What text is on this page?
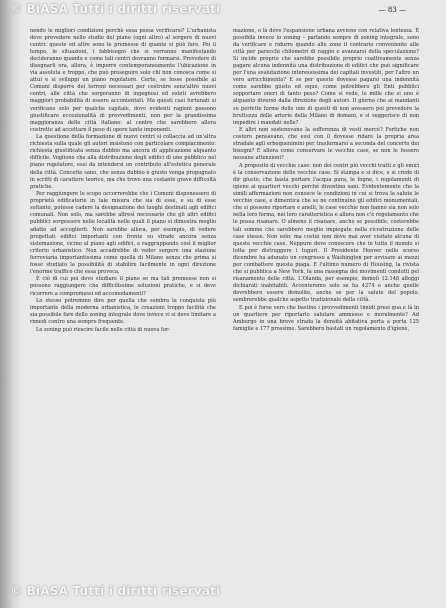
© BiASA Tutti i diritti riservati	— 83 —

nendo le migliori condizioni perchè essa possa verificarsi? L'urbanista deve prevedere nello studio del piano (ogni altro) al sorgere di nuovi centri: queste ed altre sono le premesse di quanto si può fare. Poi il tempo, le situazioni, i fabbisogni che si verranno manifestando decideranno quando e come tali centri dovranno formarsi. Prevedere di disegnarli ora, allora, è imporre contemporaneamente l'ubicazione in via assoluta e troppo, che può proseguire solo chi non conosca come si attui e si sviluppi un piano regolatore. Certo, se fosse possibile ai Comuni disporre dei terreni necessari per costruire senz'altro nuovi centri, alle città che sorgeranno di ingegnosi ed esteti avrebbero maggiori probabilità di essere accontentati. Ma questi casi fortunati si verificano solo per qualche capitale, dove evidenti ragioni possono giustificare eccezionalità di provvedimenti, non per la grandissima maggioranza delle città italiane: al centro che sarebbero allora costrette ad accettare il peso di opere tanto imponenti.

La questione della formazione di nuovi centri si collaccia ad un'altra richiesta sulla quale gli autori insistono con particolare compiacimento: richiesta giustificata senza dubbio ma ancora di applicazione alquanto difficile. Vogliono che alla distribuzione degli edifici di uno pubblico nel piano regolatore, essi da intendersi un contributo all'estetica generale della città. Concetto sano, che senza dubbio è giusto venga propugnato in scritti di carattere teorico, ma che trovo una costante grave difficoltà pratiche.

Per raggiungere lo scopo occorrerebbe che i Comuni disponessero di proprietà edificatorie in tale misura che sia di esse, e su di esse soltanto, potesse cadere la designazione dei luoghi destinati agli edifici comunali. Non solo, ma sarebbe altresì necessario che gli altri edifici pubblici sorgessero nelle località nelle quali il piano si dimostra meglio adatto ad accoglierli. Non sarebbe allora, per esempio, di vedere progettati edifici importanti con fronte su strade ancora senza sistemazione, vicino al piano agli edifici, e raggruppando così il miglior criterio urbanistico. Non accadrebbe di veder sorgere una stazione ferroviaria importantissima come quella di Milano senza che prima si fosse studiato la possibilità di stabilire facilmente in ogni direzione l'enorme traffico che essa provoca.

È ciò di cui poi devo studiare il piano se ma tali premesse non si possono raggiungere che difficilissime soluzioni pratiche, e si deve ricorrere a compromessi ed accomodamenti?

Lo stesso potremmo dire per quella che sembra la conquista più importante della moderna urbanistica, le creazioni troppo facilità che sia possibile fare dello zoning integrale dove invece vi si deve limitare a rimedi contro una sempre frequente.

Lo zoning può riescire facile nelle città di nuova for-

mazione, o là dove l'espansione urbana avviene con relativa lentezza. È possibile invece lo zoning – parlando sempre di zoning integrale, sono da verificare e ridurre quando alle zone il contrario conveniente alle città per parecchi chilometri di raggio e avanzarsi della speculazione? Si incide proprio che sarebbe possibile proprio coattivamente senza pagare alcuna indennità una distribuzione di edifici che può significare per l'una svalutazione interessissima dei capitali investiti, per l'altro un vero arricchimento? E se per questo dovesse pagarsi una indennità come sarebbe giusto ed equo, come potrebbero gli Enti pubblici sopportare oneri di tanto peso? Come si vede, le mille che si uno è alquanto diverso dalla direzione degli autori. Il giorno che ai mandanti su perfette forme delle une di questi di non avessero poi prevedere la bruttezza delle arterie della Milano di domani, e si suggerisce di non impedire i mandati nelle?

E altri non sostenevano la sofferenza di vesti mercé? Fortiche non costoro pensavano, che essi con il dovesse ridare la propria area stradale agli erboquenimini per trasformarsi a seconda del concerto dei bisogni? E allora come conservare le vecchie case, se non le fossero nessune attenzioni?

A proposito di vecchie case: non dei centri più vecchi tratti e gli emiri è la conservazione delle vecchie case. Si stampa e si dice, e si crede di dir giusto, che basta portare l'acqua pura, le fogne, i regolamenti di igiene ai quartieri vecchi perché diventino sani. Evidentemente che la simili affermazioni non conosce le condizioni in cui si trova la salute le vecchie case, e dimentica che se ne continuino gli edifici monumentali, che si possono riportare e anelli, le case vecchie non hanno sia non solo nella loro forma, nei loro caratteristica e allora non c'è regolamento che le possa risanare. O almeno il risanare, anche se possibile, costerebbe tali somme che sarebbero meglio impiegate nella ricostruzione delle case stesse. Non solo: ma costui non deve mai aver visitato alcuna di queste vecchie case. Neppure deve conoscere che in tutto il mondo si lotta per distruggere i tuguri. Il Presidente Hoover nello scorso dicembre ha adunato un congresso a Washington per avvisare ai mezzi per combattere questa piaga. E l'ultimo numero di Housing, la rivista che si pubblica a New York, fa una rassegna dei movimenti condotti pel risanamento delle città. L'Olanda, per esempio, demolì 12.148 alloggi dichiarati inabitabili. Accenteremo solo se ha 4274 e anche quelle dovrebbero essere demolite, anche se per la salute del popolo. sembrerebbe qualche aspetto tradizionale della città.

E poi è forse vero che bastino i provvedimenti timidi presi qua e là in un quartiere per riportarlo salutare ammesso e moralmente? Ad Amburgo in una breve strada la densità abitativa porta a porta 125 famiglie e 177 prossime. Sarebbero bastati un regolamento d'igiene,

© BiASA Tutti i diritti riservati
